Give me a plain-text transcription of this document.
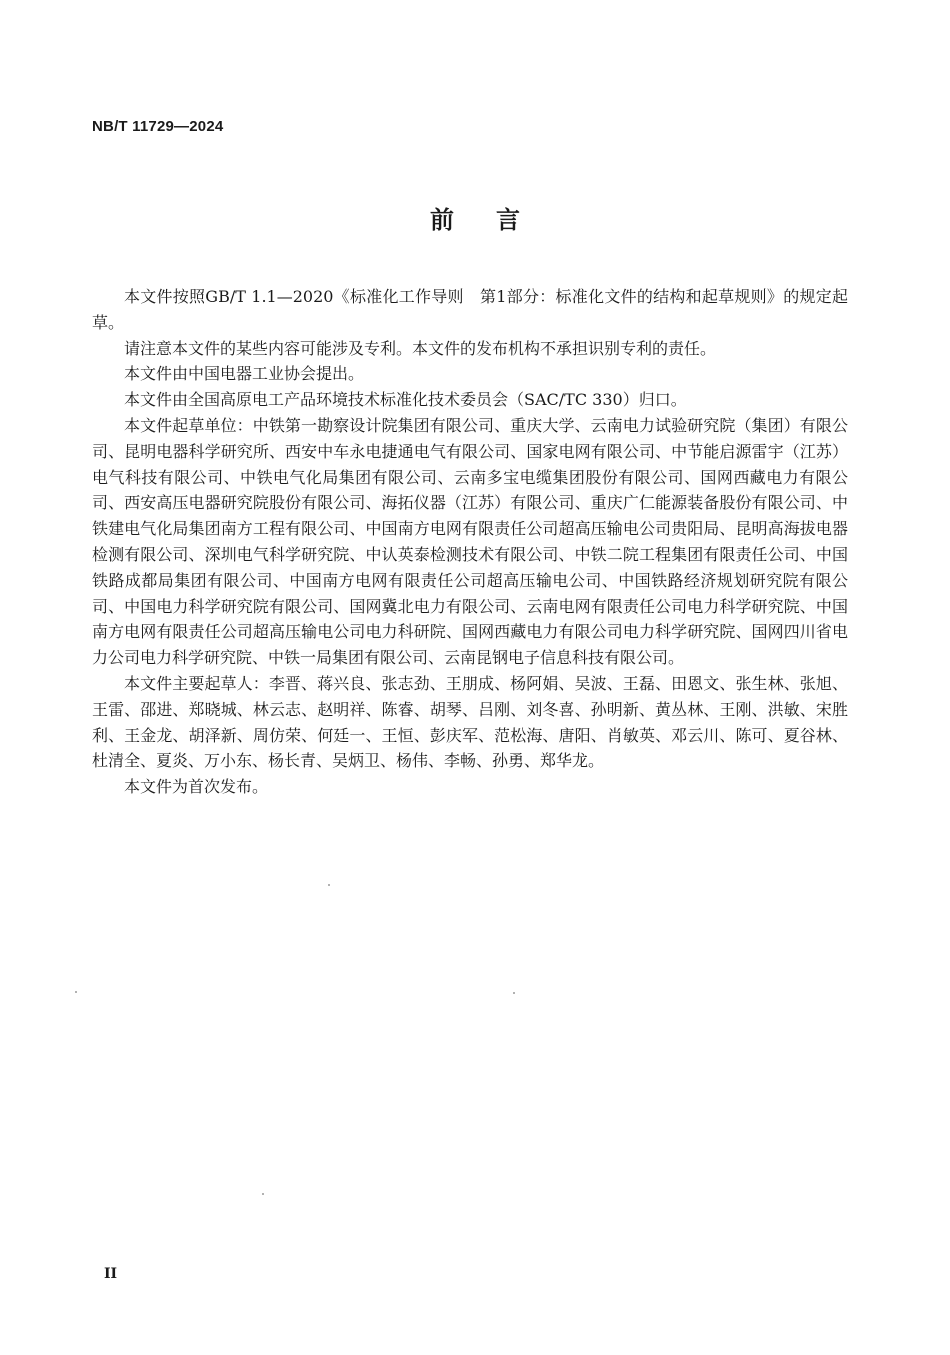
NB/T 11729—2024
前言

本文件按照GB/T 1.1—2020《标准化工作导则　第1部分：标准化文件的结构和起草规则》的规定起草。

请注意本文件的某些内容可能涉及专利。本文件的发布机构不承担识别专利的责任。

本文件由中国电器工业协会提出。

本文件由全国高原电工产品环境技术标准化技术委员会（SAC/TC 330）归口。

本文件起草单位：中铁第一勘察设计院集团有限公司、重庆大学、云南电力试验研究院（集团）有限公司、昆明电器科学研究所、西安中车永电捷通电气有限公司、国家电网有限公司、中节能启源雷宇（江苏）电气科技有限公司、中铁电气化局集团有限公司、云南多宝电缆集团股份有限公司、国网西藏电力有限公司、西安高压电器研究院股份有限公司、海拓仪器（江苏）有限公司、重庆广仁能源装备股份有限公司、中铁建电气化局集团南方工程有限公司、中国南方电网有限责任公司超高压输电公司贵阳局、昆明高海拔电器检测有限公司、深圳电气科学研究院、中认英泰检测技术有限公司、中铁二院工程集团有限责任公司、中国铁路成都局集团有限公司、中国南方电网有限责任公司超高压输电公司、中国铁路经济规划研究院有限公司、中国电力科学研究院有限公司、国网冀北电力有限公司、云南电网有限责任公司电力科学研究院、中国南方电网有限责任公司超高压输电公司电力科研院、国网西藏电力有限公司电力科学研究院、国网四川省电力公司电力科学研究院、中铁一局集团有限公司、云南昆钢电子信息科技有限公司。

本文件主要起草人：李晋、蒋兴良、张志劲、王朋成、杨阿娟、吴波、王磊、田恩文、张生林、张旭、王雷、邵进、郑晓城、林云志、赵明祥、陈睿、胡琴、吕刚、刘冬喜、孙明新、黄丛林、王刚、洪敏、宋胜利、王金龙、胡泽新、周仿荣、何廷一、王恒、彭庆军、范松海、唐阳、肖敏英、邓云川、陈可、夏谷林、杜清全、夏炎、万小东、杨长青、吴炳卫、杨伟、李畅、孙勇、郑华龙。

本文件为首次发布。

II
